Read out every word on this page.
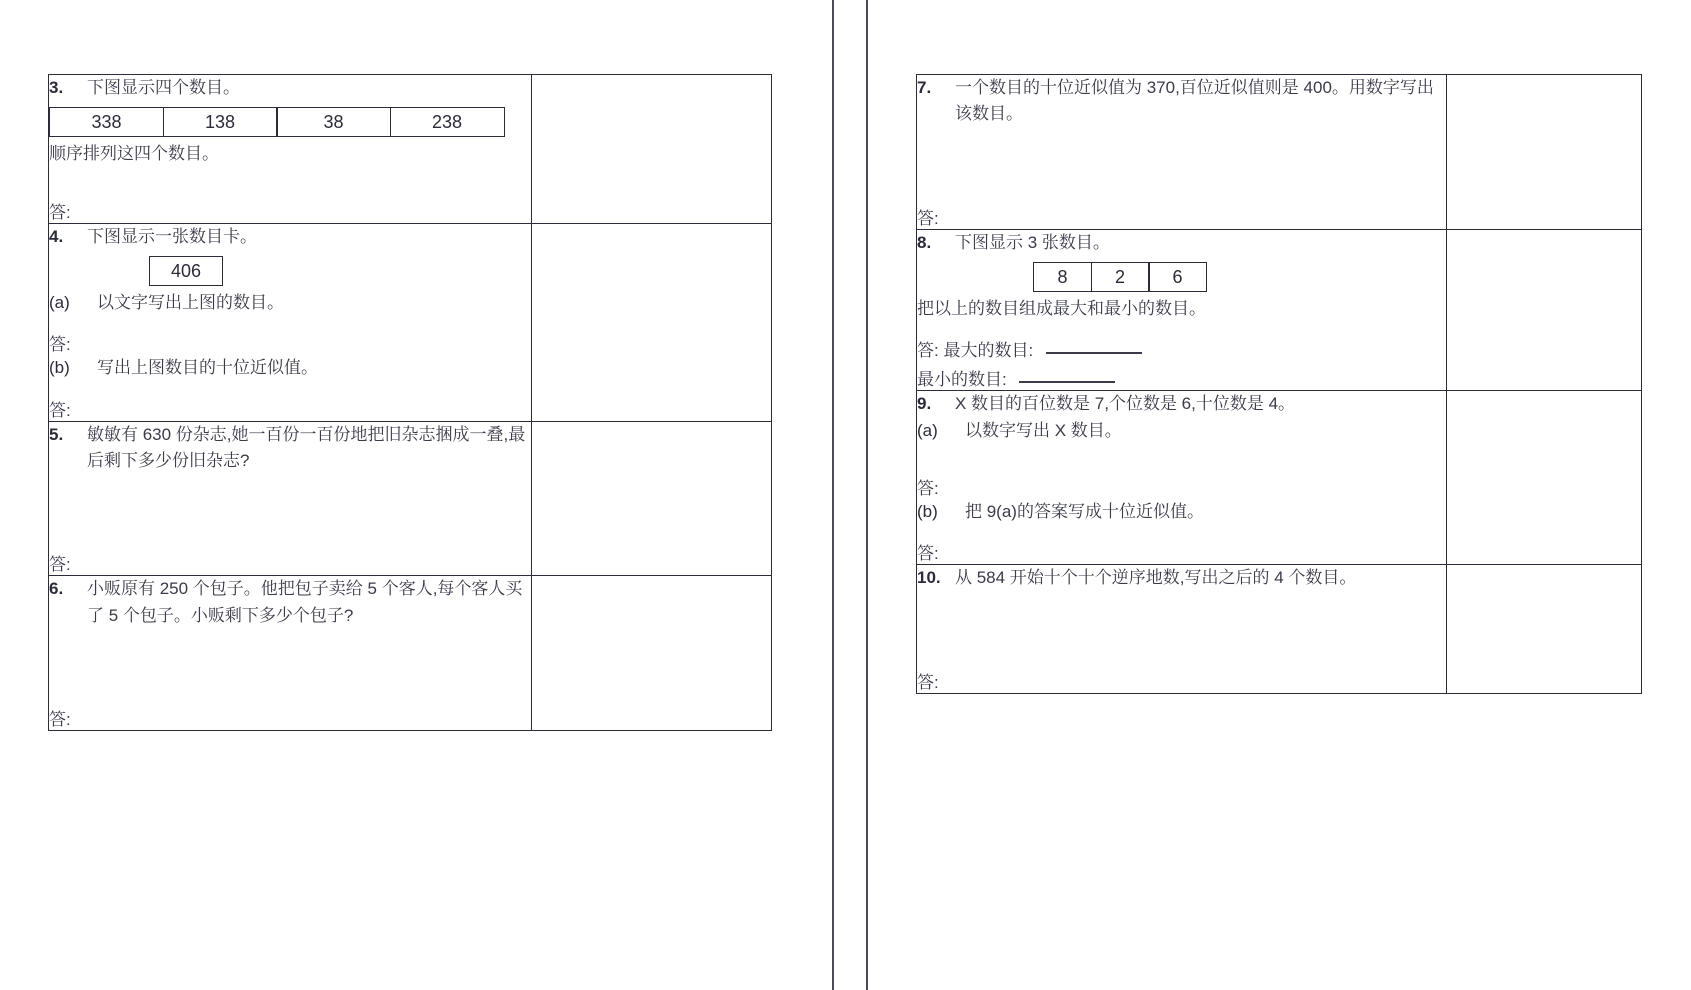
3.	下图显示四个数目。
338	138	38	238
顺序排列这四个数目。
答:

4.	下图显示一张数目卡。
406
(a)	以文字写出上图的数目。
答:
(b)	写出上图数目的十位近似值。
答:

5. 敏敏有 630 份杂志,她一百份一百份地把旧杂志捆成一叠,最后剩下多少份旧杂志?
答:	

6. 小贩原有 250 个包子。他把包子卖给 5 个客人,每个客人买了 5 个包子。小贩剩下多少个包子?
答:	

7. 一个数目的十位近似值为 370,百位近似值则是 400。用数字写出该数目。
答:	

8.	下图显示 3 张数目。
8	2	6
把以上的数目组成最大和最小的数目。
答: 最大的数目:
最小的数目:

9.	X 数目的百位数是 7,个位数是 6,十位数是 4。
(a)	以数字写出 X 数目。
答:
(b)	把 9(a)的答案写成十位近似值。
答:

10. 从 584 开始十个十个逆序地数,写出之后的 4 个数目。
答:	
